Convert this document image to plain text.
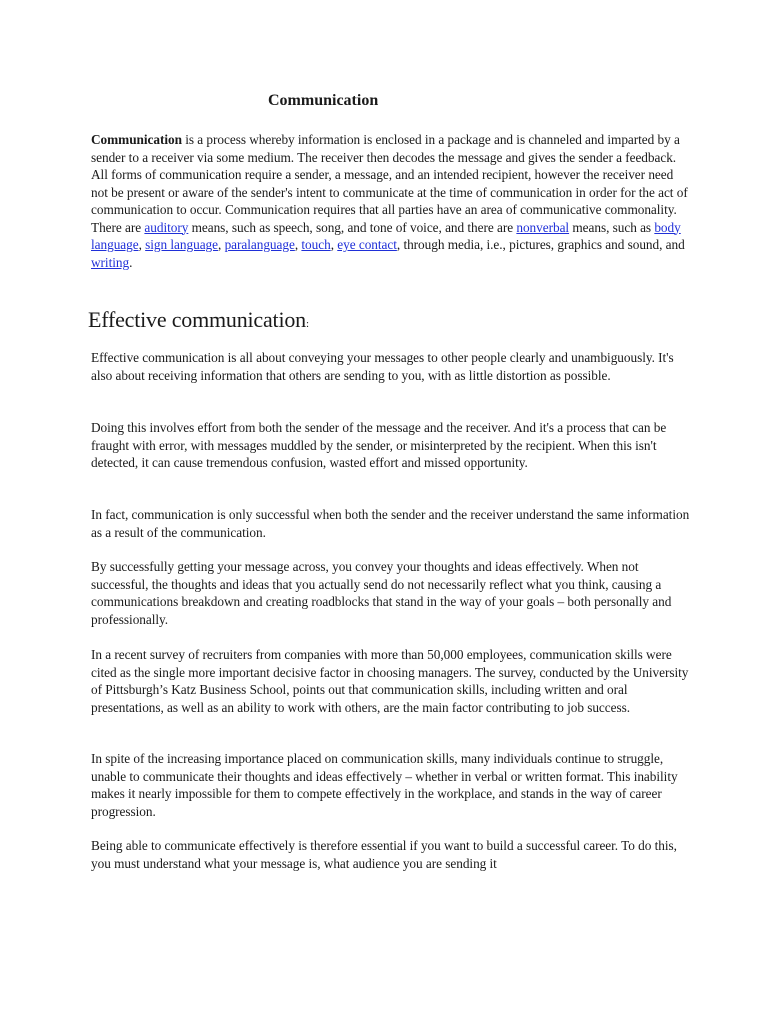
Communication

Communication is a process whereby information is enclosed in a package and is channeled and imparted by a sender to a receiver via some medium. The receiver then decodes the message and gives the sender a feedback. All forms of communication require a sender, a message, and an intended recipient, however the receiver need not be present or aware of the sender's intent to communicate at the time of communication in order for the act of communication to occur. Communication requires that all parties have an area of communicative commonality. There are auditory means, such as speech, song, and tone of voice, and there are nonverbal means, such as body language, sign language, paralanguage, touch, eye contact, through media, i.e., pictures, graphics and sound, and writing.

Effective communication:

Effective communication is all about conveying your messages to other people clearly and unambiguously. It's also about receiving information that others are sending to you, with as little distortion as possible.

Doing this involves effort from both the sender of the message and the receiver. And it's a process that can be fraught with error, with messages muddled by the sender, or misinterpreted by the recipient. When this isn't detected, it can cause tremendous confusion, wasted effort and missed opportunity.

In fact, communication is only successful when both the sender and the receiver understand the same information as a result of the communication.

By successfully getting your message across, you convey your thoughts and ideas effectively. When not successful, the thoughts and ideas that you actually send do not necessarily reflect what you think, causing a communications breakdown and creating roadblocks that stand in the way of your goals – both personally and professionally.

In a recent survey of recruiters from companies with more than 50,000 employees, communication skills were cited as the single more important decisive factor in choosing managers. The survey, conducted by the University of Pittsburgh’s Katz Business School, points out that communication skills, including written and oral presentations, as well as an ability to work with others, are the main factor contributing to job success.

In spite of the increasing importance placed on communication skills, many individuals continue to struggle, unable to communicate their thoughts and ideas effectively – whether in verbal or written format. This inability makes it nearly impossible for them to compete effectively in the workplace, and stands in the way of career progression.

Being able to communicate effectively is therefore essential if you want to build a successful career. To do this, you must understand what your message is, what audience you are sending it
